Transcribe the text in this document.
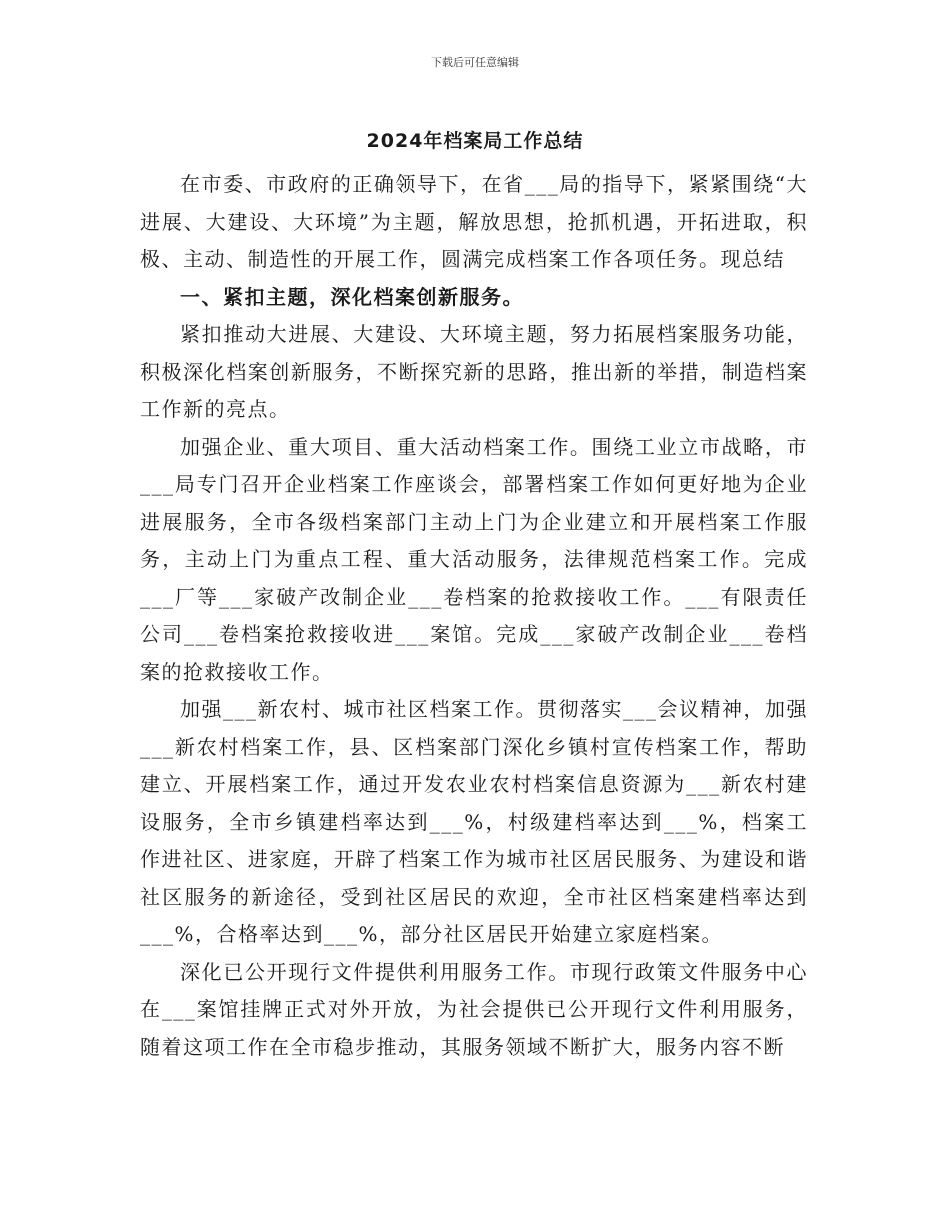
下载后可任意编辑
2024年档案局工作总结

在市委、市政府的正确领导下，在省___局的指导下，紧紧围绕“大进展、大建设、大环境”为主题，解放思想，抢抓机遇，开拓进取，积极、主动、制造性的开展工作，圆满完成档案工作各项任务。现总结

一、紧扣主题，深化档案创新服务。

紧扣推动大进展、大建设、大环境主题，努力拓展档案服务功能，积极深化档案创新服务，不断探究新的思路，推出新的举措，制造档案工作新的亮点。

加强企业、重大项目、重大活动档案工作。围绕工业立市战略，市___局专门召开企业档案工作座谈会，部署档案工作如何更好地为企业进展服务，全市各级档案部门主动上门为企业建立和开展档案工作服务，主动上门为重点工程、重大活动服务，法律规范档案工作。完成___厂等___家破产改制企业___卷档案的抢救接收工作。___有限责任公司___卷档案抢救接收进___案馆。完成___家破产改制企业___卷档案的抢救接收工作。

加强___新农村、城市社区档案工作。贯彻落实___会议精神，加强___新农村档案工作，县、区档案部门深化乡镇村宣传档案工作，帮助建立、开展档案工作，通过开发农业农村档案信息资源为___新农村建设服务，全市乡镇建档率达到___%，村级建档率达到___%，档案工作进社区、进家庭，开辟了档案工作为城市社区居民服务、为建设和谐社区服务的新途径，受到社区居民的欢迎，全市社区档案建档率达到___%，合格率达到___%，部分社区居民开始建立家庭档案。

深化已公开现行文件提供利用服务工作。市现行政策文件服务中心在___案馆挂牌正式对外开放，为社会提供已公开现行文件利用服务，随着这项工作在全市稳步推动，其服务领域不断扩大，服务内容不断
